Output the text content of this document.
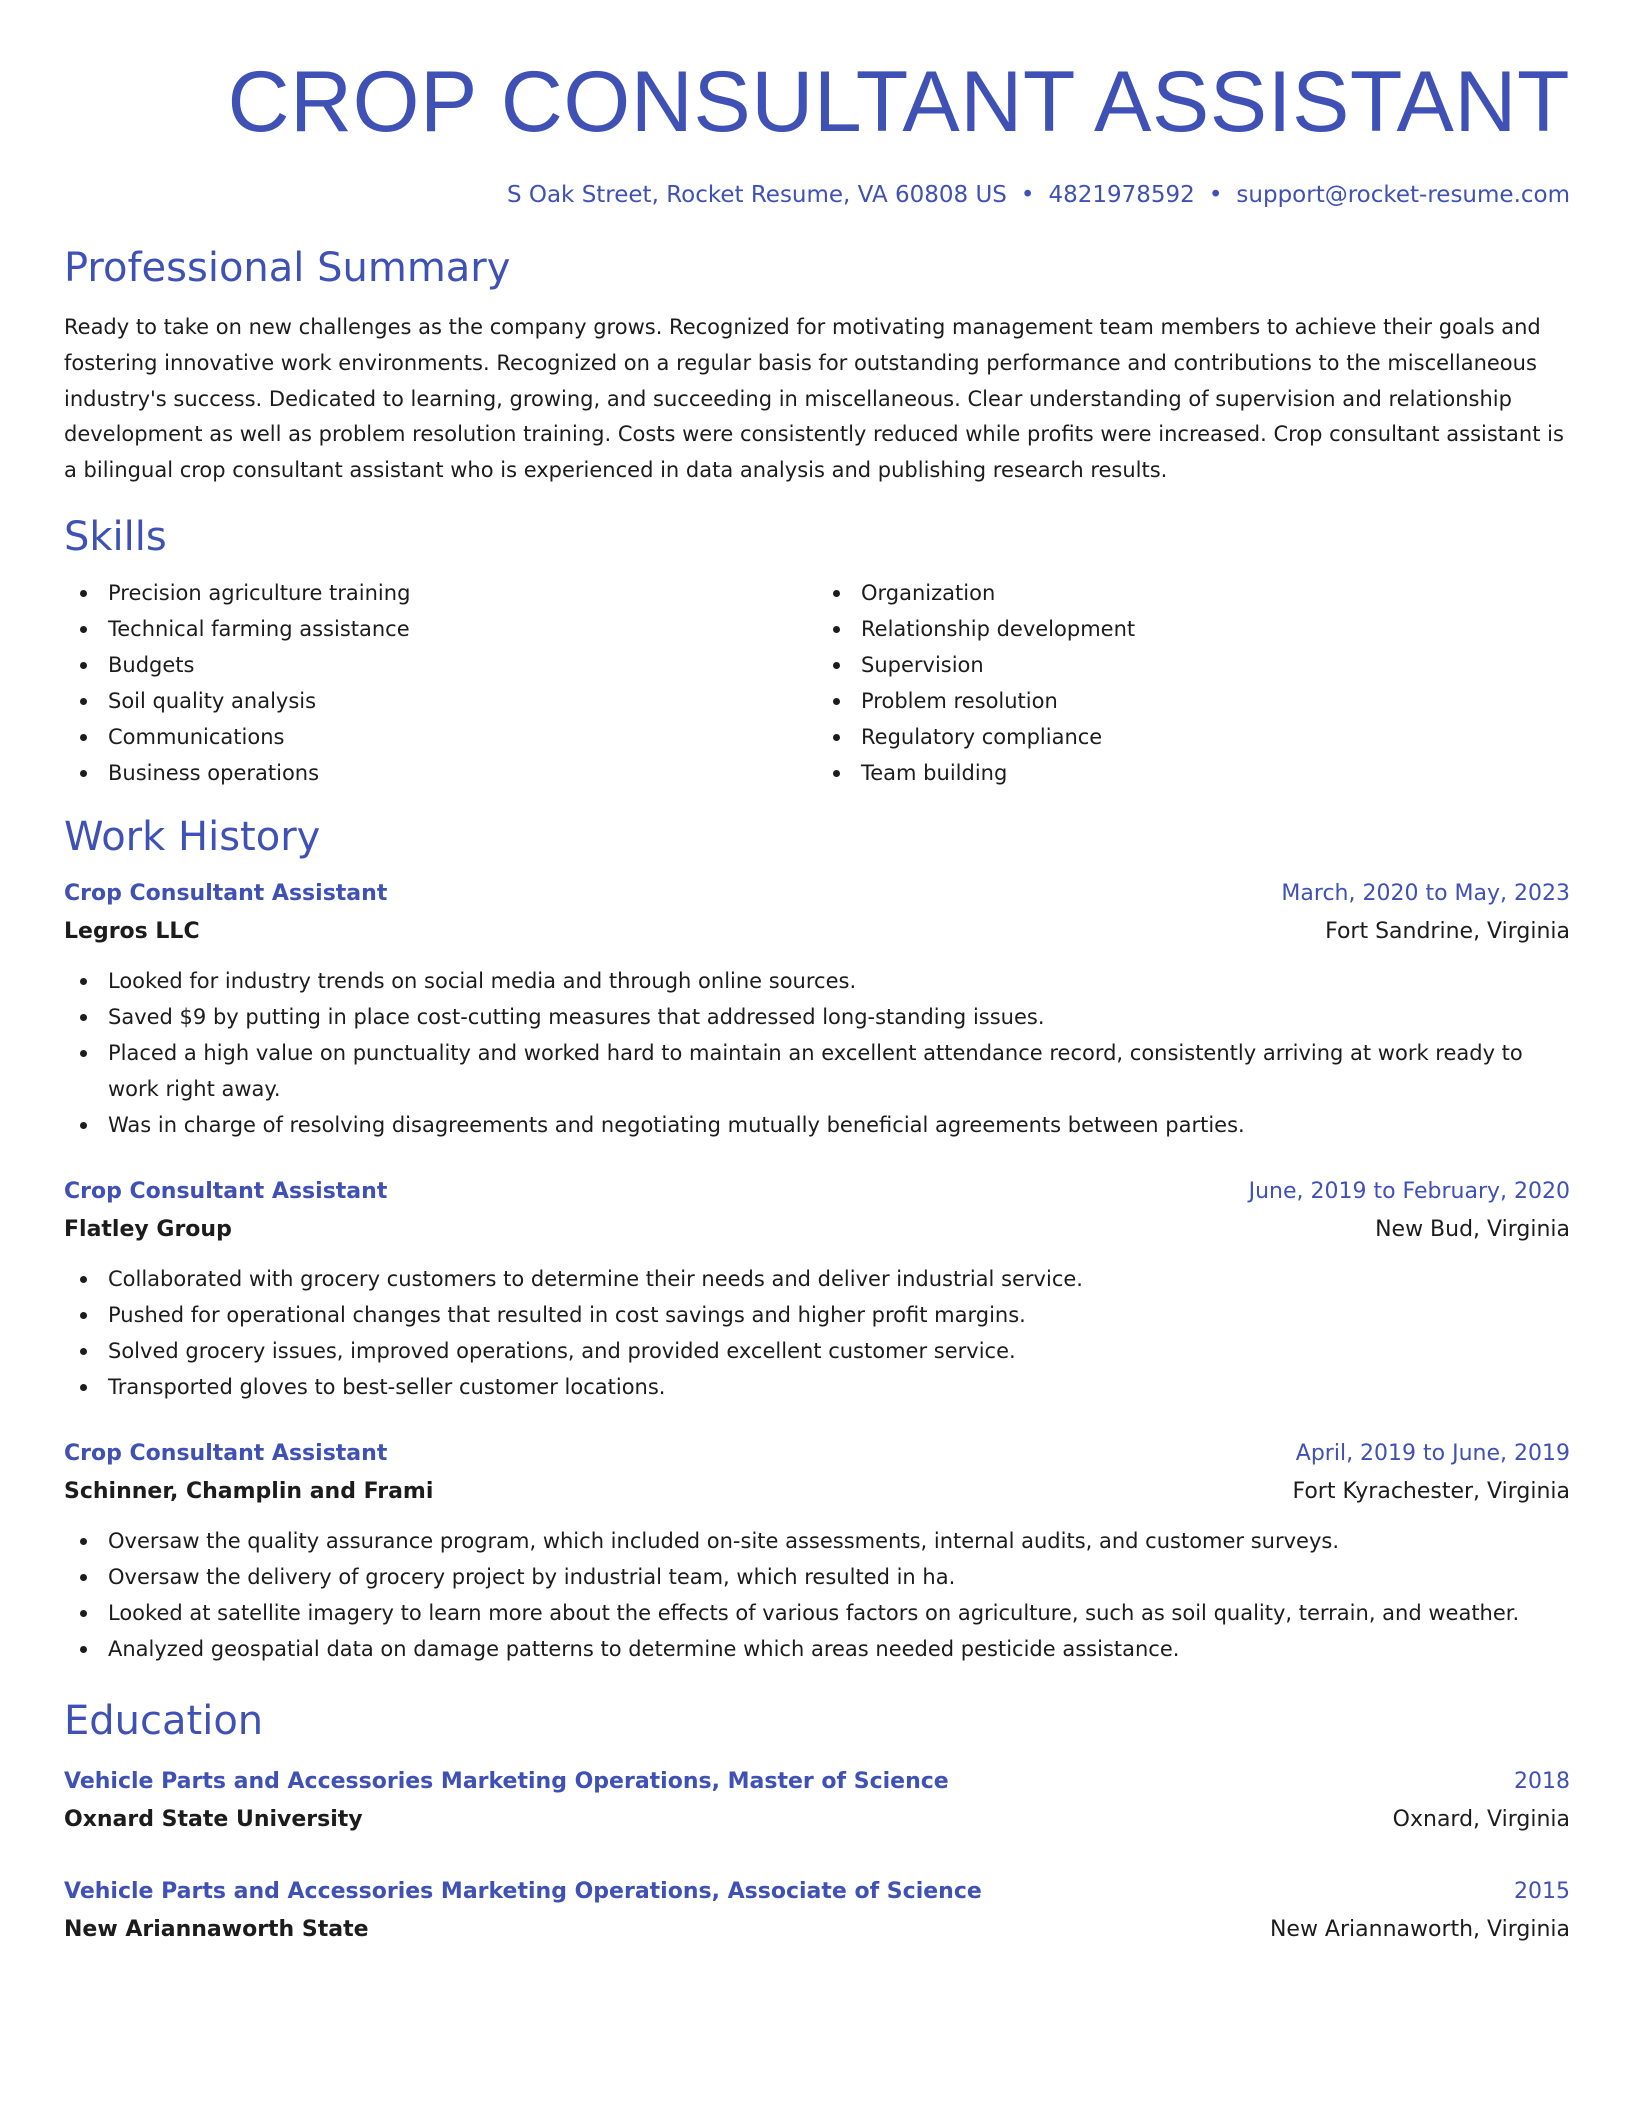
CROP CONSULTANT ASSISTANT
S Oak Street, Rocket Resume, VA 60808 US • 4821978592 • support@rocket-resume.com
Professional Summary

Ready to take on new challenges as the company grows. Recognized for motivating management team members to achieve their goals and fostering innovative work environments. Recognized on a regular basis for outstanding performance and contributions to the miscellaneous industry's success. Dedicated to learning, growing, and succeeding in miscellaneous. Clear understanding of supervision and relationship development as well as problem resolution training. Costs were consistently reduced while profits were increased. Crop consultant assistant is a bilingual crop consultant assistant who is experienced in data analysis and publishing research results.

Skills
Precision agriculture training
Technical farming assistance
Budgets
Soil quality analysis
Communications
Business operations
Organization
Relationship development
Supervision
Problem resolution
Regulatory compliance
Team building
Work History
Crop Consultant Assistant	March, 2020 to May, 2023
Legros LLC	Fort Sandrine, Virginia
Looked for industry trends on social media and through online sources.
Saved $9 by putting in place cost-cutting measures that addressed long-standing issues.
Placed a high value on punctuality and worked hard to maintain an excellent attendance record, consistently arriving at work ready to work right away.
Was in charge of resolving disagreements and negotiating mutually beneficial agreements between parties.
Crop Consultant Assistant	June, 2019 to February, 2020
Flatley Group	New Bud, Virginia
Collaborated with grocery customers to determine their needs and deliver industrial service.
Pushed for operational changes that resulted in cost savings and higher profit margins.
Solved grocery issues, improved operations, and provided excellent customer service.
Transported gloves to best-seller customer locations.
Crop Consultant Assistant	April, 2019 to June, 2019
Schinner, Champlin and Frami	Fort Kyrachester, Virginia
Oversaw the quality assurance program, which included on-site assessments, internal audits, and customer surveys.
Oversaw the delivery of grocery project by industrial team, which resulted in ha.
Looked at satellite imagery to learn more about the effects of various factors on agriculture, such as soil quality, terrain, and weather.
Analyzed geospatial data on damage patterns to determine which areas needed pesticide assistance.
Education
Vehicle Parts and Accessories Marketing Operations, Master of Science	2018
Oxnard State University	Oxnard, Virginia
Vehicle Parts and Accessories Marketing Operations, Associate of Science	2015
New Ariannaworth State	New Ariannaworth, Virginia
